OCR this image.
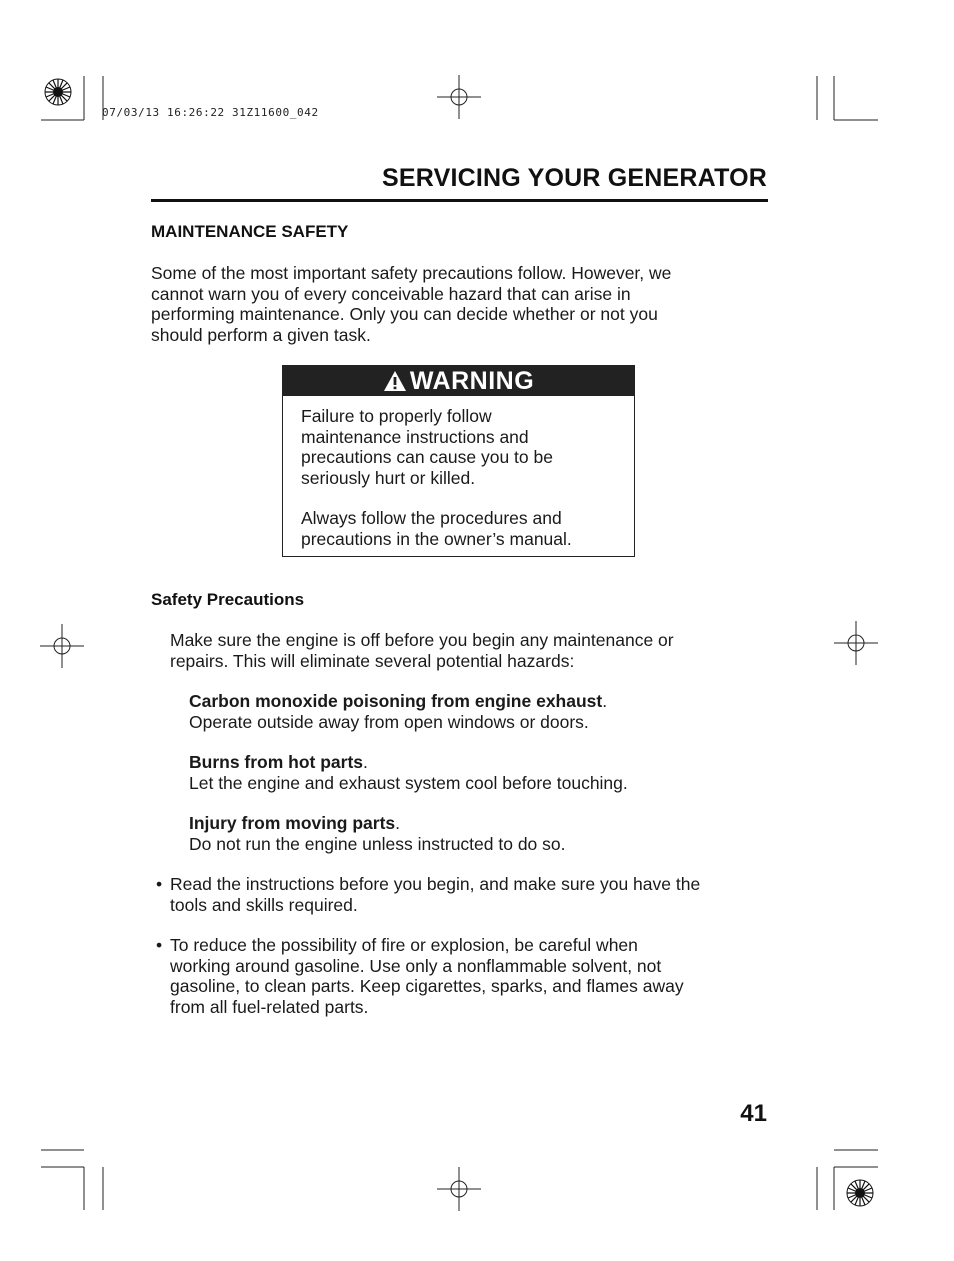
07/03/13 16:26:22 31Z11600_042
SERVICING YOUR GENERATOR
MAINTENANCE SAFETY
Some of the most important safety precautions follow. However, we
cannot warn you of every conceivable hazard that can arise in
performing maintenance. Only you can decide whether or not you
should perform a given task.
WARNING
Failure to properly follow
maintenance instructions and
precautions can cause you to be
seriously hurt or killed.
Always follow the procedures and
precautions in the owner’s manual.
Safety Precautions
Make sure the engine is off before you begin any maintenance or
repairs. This will eliminate several potential hazards:
Carbon monoxide poisoning from engine exhaust.
Operate outside away from open windows or doors.
Burns from hot parts.
Let the engine and exhaust system cool before touching.
Injury from moving parts.
Do not run the engine unless instructed to do so.
• Read the instructions before you begin, and make sure you have the
tools and skills required.
• To reduce the possibility of fire or explosion, be careful when
working around gasoline. Use only a nonflammable solvent, not
gasoline, to clean parts. Keep cigarettes, sparks, and flames away
from all fuel-related parts.
41
